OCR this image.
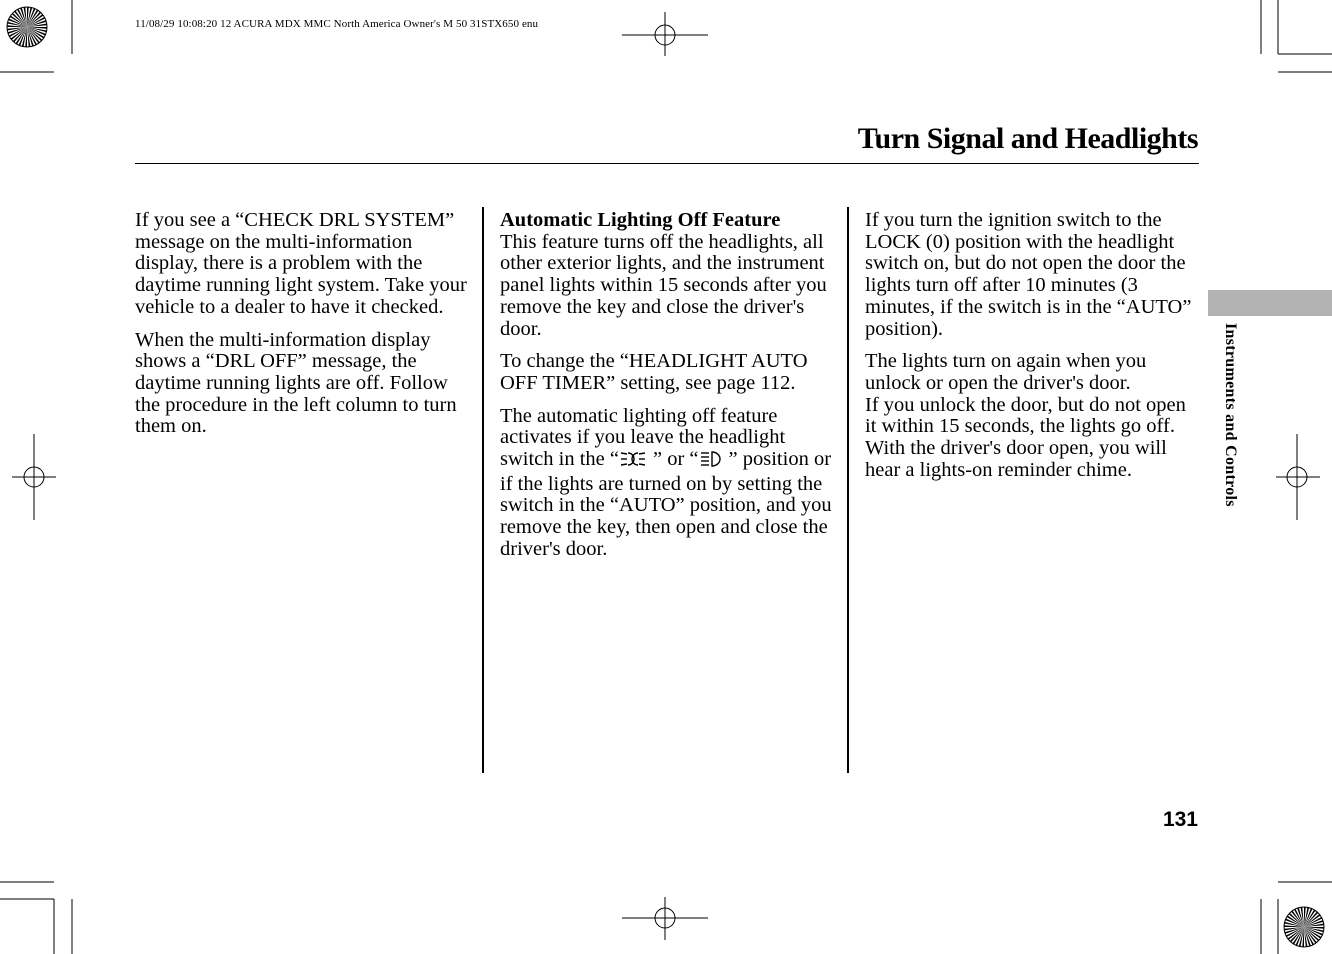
11/08/29 10:08:20 12 ACURA MDX MMC North America Owner's M 50 31STX650 enu
Turn Signal and Headlights

If you see a “CHECK DRL SYSTEM” message on the multi-information display, there is a problem with the daytime running light system. Take your vehicle to a dealer to have it checked.

When the multi-information display shows a “DRL OFF” message, the daytime running lights are off. Follow the procedure in the left column to turn them on.

Automatic Lighting Off Feature

This feature turns off the headlights, all other exterior lights, and the instrument panel lights within 15 seconds after you remove the key and close the driver's door.

To change the “HEADLIGHT AUTO OFF TIMER” setting, see page 112.

The automatic lighting off feature activates if you leave the headlight switch in the “ ” or “ ” position or if the lights are turned on by setting the switch in the “AUTO” position, and you remove the key, then open and close the driver's door.

If you turn the ignition switch to the LOCK (0) position with the headlight switch on, but do not open the door the lights turn off after 10 minutes (3 minutes, if the switch is in the “AUTO” position).

The lights turn on again when you unlock or open the driver's door.
If you unlock the door, but do not open it within 15 seconds, the lights go off. With the driver's door open, you will hear a lights-on reminder chime.	Instruments and Controls
131
